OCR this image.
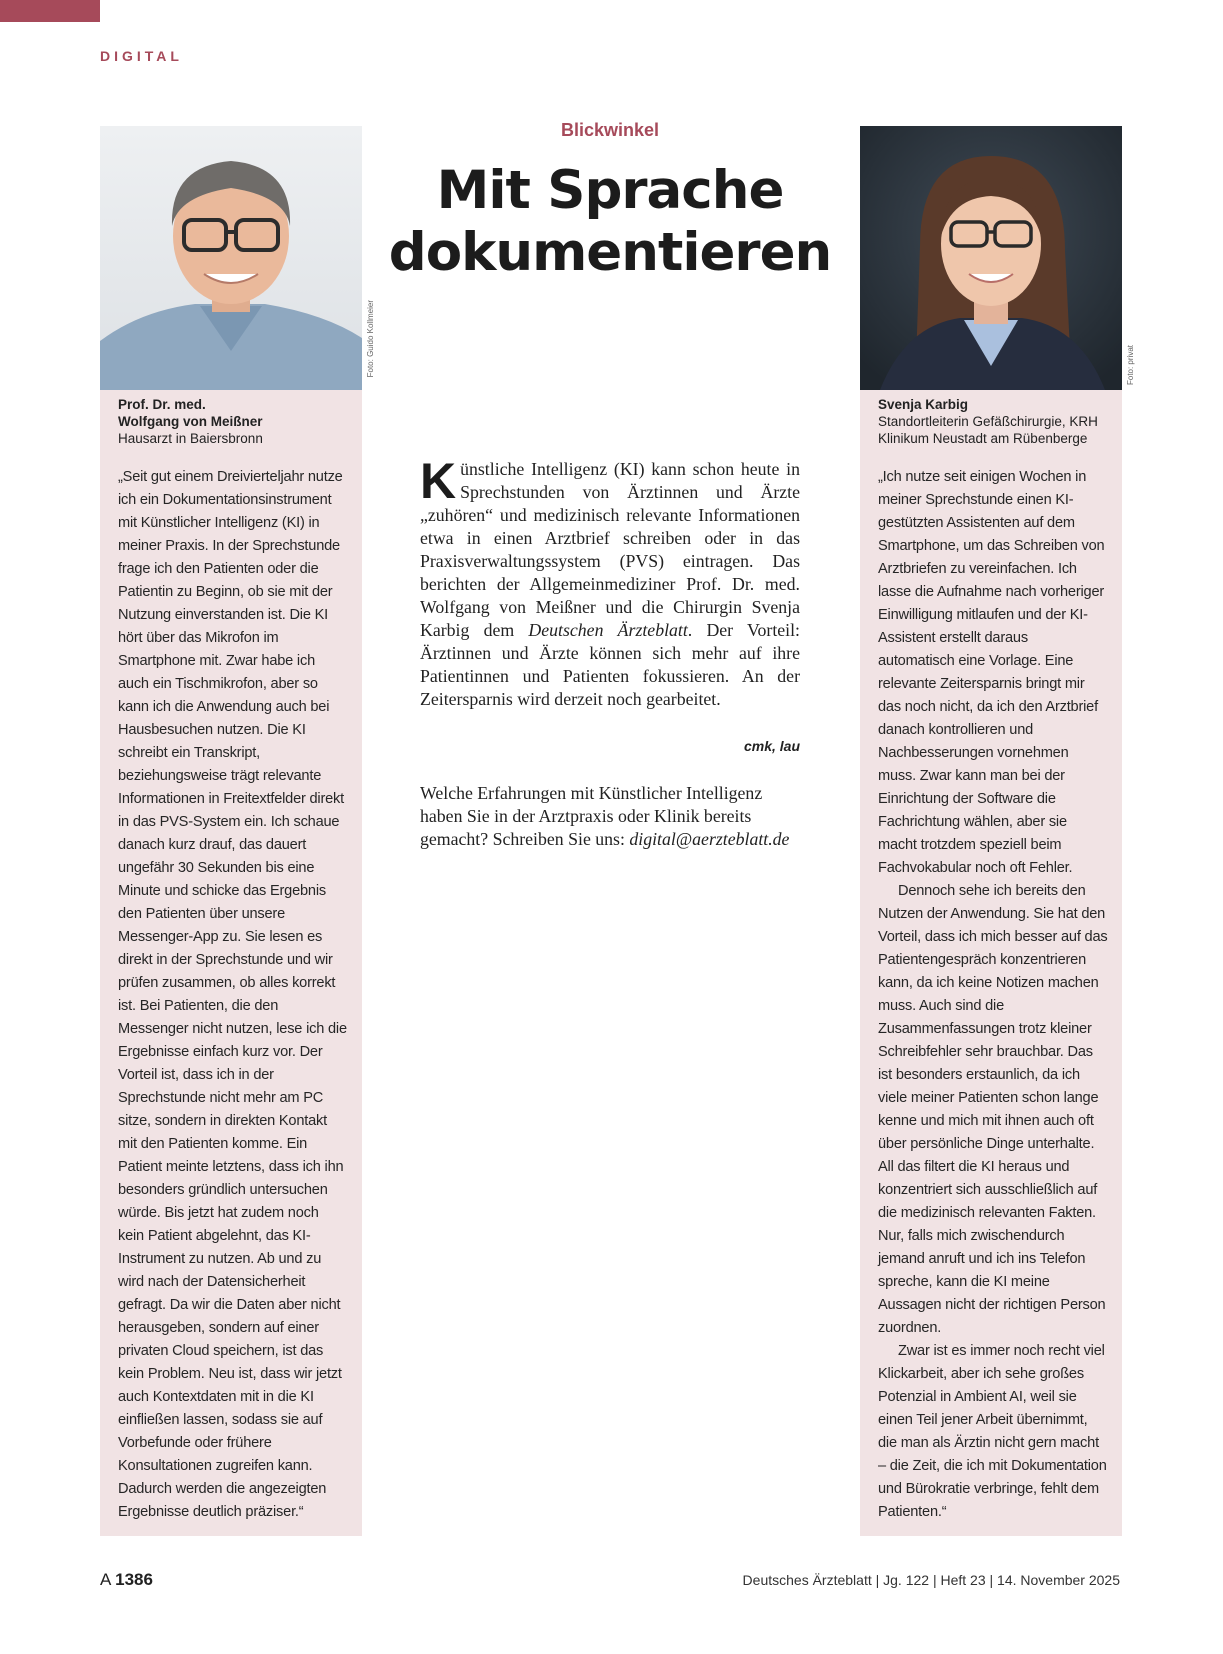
DIGITAL
Blickwinkel
Mit Sprache dokumentieren
Prof. Dr. med.
Wolfgang von Meißner
Hausarzt in Baiersbronn

„Seit gut einem Dreivierteljahr nutze ich ein Dokumentationsinstrument mit Künstlicher Intelligenz (KI) in meiner Praxis. In der Sprechstunde frage ich den Patienten oder die Patientin zu Beginn, ob sie mit der Nutzung einverstanden ist. Die KI hört über das Mikrofon im Smartphone mit. Zwar habe ich auch ein Tischmikrofon, aber so kann ich die Anwendung auch bei Hausbesuchen nutzen. Die KI schreibt ein Transkript, beziehungsweise trägt relevante Informationen in Freitextfelder direkt in das PVS-System ein. Ich schaue danach kurz drauf, das dauert ungefähr 30 Sekunden bis eine Minute und schicke das Ergebnis den Patienten über unsere Messenger-App zu. Sie lesen es direkt in der Sprechstunde und wir prüfen zusammen, ob alles korrekt ist. Bei Patienten, die den Messenger nicht nutzen, lese ich die Ergebnisse einfach kurz vor. Der Vorteil ist, dass ich in der Sprechstunde nicht mehr am PC sitze, sondern in direkten Kontakt mit den Patienten komme. Ein Patient meinte letztens, dass ich ihn besonders gründlich untersuchen würde. Bis jetzt hat zudem noch kein Patient abgelehnt, das KI-Instrument zu nutzen. Ab und zu wird nach der Datensicherheit gefragt. Da wir die Daten aber nicht herausgeben, sondern auf einer privaten Cloud speichern, ist das kein Problem. Neu ist, dass wir jetzt auch Kontextdaten mit in die KI einfließen lassen, sodass sie auf Vorbefunde oder frühere Konsultationen zugreifen kann. Dadurch werden die angezeigten Ergebnisse deutlich präziser.“

Foto: Guido Kollmeier
Svenja Karbig
Standortleiterin Gefäßchirurgie, KRH
Klinikum Neustadt am Rübenberge

„Ich nutze seit einigen Wochen in meiner Sprechstunde einen KI-gestützten Assistenten auf dem Smartphone, um das Schreiben von Arztbriefen zu vereinfachen. Ich lasse die Aufnahme nach vorheriger Einwilligung mitlaufen und der KI-Assistent erstellt daraus automatisch eine Vorlage. Eine relevante Zeitersparnis bringt mir das noch nicht, da ich den Arztbrief danach kontrollieren und Nachbesserungen vornehmen muss. Zwar kann man bei der Einrichtung der Software die Fachrichtung wählen, aber sie macht trotzdem speziell beim Fachvokabular noch oft Fehler.

Dennoch sehe ich bereits den Nutzen der Anwendung. Sie hat den Vorteil, dass ich mich besser auf das Patientengespräch konzentrieren kann, da ich keine Notizen machen muss. Auch sind die Zusammenfassungen trotz kleiner Schreibfehler sehr brauchbar. Das ist besonders erstaunlich, da ich viele meiner Patienten schon lange kenne und mich mit ihnen auch oft über persönliche Dinge unterhalte. All das filtert die KI heraus und konzentriert sich ausschließlich auf die medizinisch relevanten Fakten. Nur, falls mich zwischendurch jemand anruft und ich ins Telefon spreche, kann die KI meine Aussagen nicht der richtigen Person zuordnen.

Zwar ist es immer noch recht viel Klickarbeit, aber ich sehe großes Potenzial in Ambient AI, weil sie einen Teil jener Arbeit übernimmt, die man als Ärztin nicht gern macht – die Zeit, die ich mit Dokumentation und Bürokratie verbringe, fehlt dem Patienten.“

Foto: privat

Künstliche Intelligenz (KI) kann schon heute in Sprechstunden von Ärztinnen und Ärzte „zuhören“ und medizinisch relevante Informationen etwa in einen Arztbrief schreiben oder in das Praxisverwaltungssystem (PVS) eintragen. Das berichten der Allgemeinmediziner Prof. Dr. med. Wolfgang von Meißner und die Chirurgin Svenja Karbig dem Deutschen Ärzteblatt. Der Vorteil: Ärztinnen und Ärzte können sich mehr auf ihre Patientinnen und Patienten fokussieren. An der Zeitersparnis wird derzeit noch gearbeitet.

cmk, lau

Welche Erfahrungen mit Künstlicher Intelligenz haben Sie in der Arztpraxis oder Klinik bereits gemacht? Schreiben Sie uns: digital@aerzteblatt.de

A 1386	Deutsches Ärzteblatt | Jg. 122 | Heft 23 | 14. November 2025
